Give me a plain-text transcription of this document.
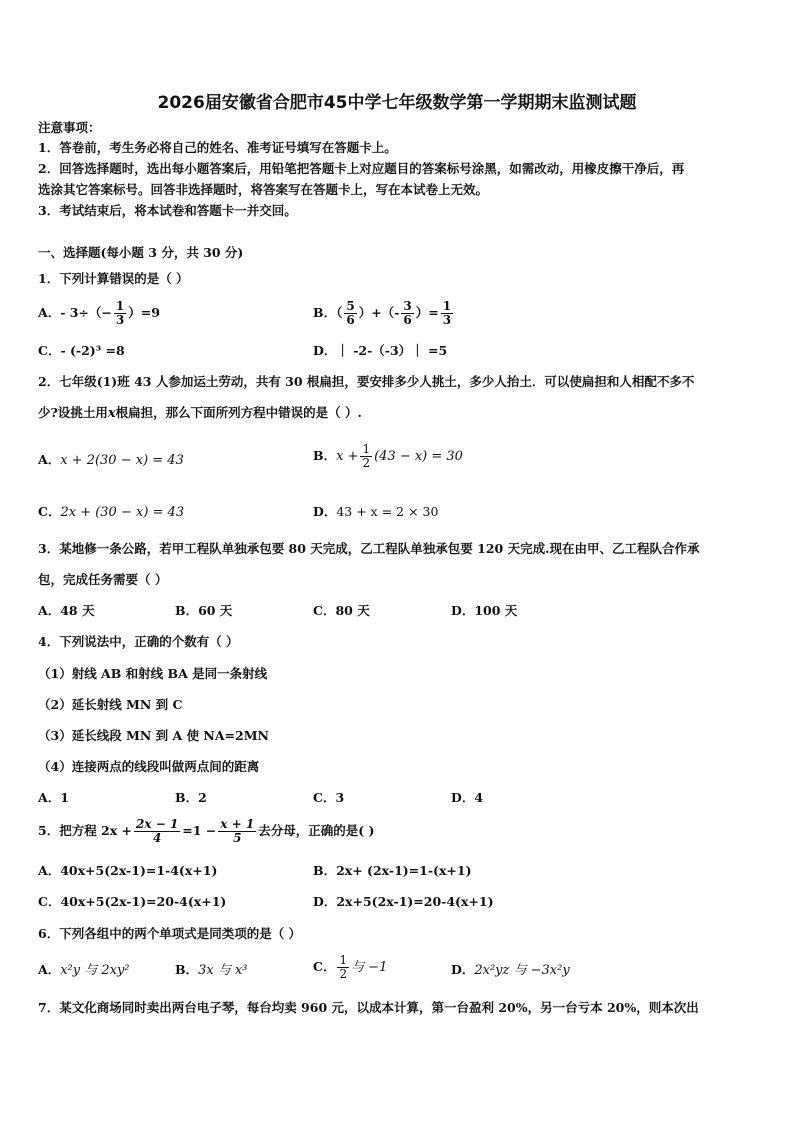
2026届安徽省合肥市45中学七年级数学第一学期期末监测试题
注意事项：
1．答卷前，考生务必将自己的姓名、准考证号填写在答题卡上。
2．回答选择题时，选出每小题答案后，用铅笔把答题卡上对应题目的答案标号涂黑，如需改动，用橡皮擦干净后，再
选涂其它答案标号。回答非选择题时，将答案写在答题卡上，写在本试卷上无效。
3．考试结束后，将本试卷和答题卡一并交回。
一、选择题(每小题 3 分，共 30 分)
1．下列计算错误的是（ ）
A．- $3\div(- \frac{1}{3} )=9$	B．（ $\frac{5}{6}$ ）+（- $\frac{3}{6}$ ）= $\frac{1}{3}$
C．- (-2)³ =8	D．｜ -2-（-3）｜ =5
2．七年级(1)班 43 人参加运土劳动，共有 30 根扁担，要安排多少人挑土，多少人抬土．可以使扁担和人相配不多不
少?设挑土用x根扁担，那么下面所列方程中错误的是（ ）.
A．x + 2(30 − x) = 43	B．$x + \frac{1}{2} (43 - x) = 30$
C．2x + (30 − x) = 43	D．43 + x = 2 × 30
3．某地修一条公路，若甲工程队单独承包要 80 天完成，乙工程队单独承包要 120 天完成.现在由甲、乙工程队合作承
包，完成任务需要（ ）
A．48 天	B．60 天	C．80 天	D．100 天
4．下列说法中，正确的个数有（ ）
（1）射线 AB 和射线 BA 是同一条射线
（2）延长射线 MN 到 C
（3）延长线段 MN 到 A 使 NA=2MN
（4）连接两点的线段叫做两点间的距离
A．1	B．2	C．3	D．4
5．把方程 $2x + \frac{2x - 1}{4} =1 - \frac{x + 1}{5}$ 去分母，正确的是( )
A．40x+5(2x-1)=1-4(x+1)	B．2x+ (2x-1)=1-(x+1)
C．40x+5(2x-1)=20-4(x+1)	D．2x+5(2x-1)=20-4(x+1)
6．下列各组中的两个单项式是同类项的是（ ）
A．x²y 与 2xy²	B．3x 与 x³	C． $\frac{1}{2}$ 与 −1	D．2x²yz 与 −3x²y
7．某文化商场同时卖出两台电子琴，每台均卖 960 元，以成本计算，第一台盈利 20%，另一台亏本 20%，则本次出
